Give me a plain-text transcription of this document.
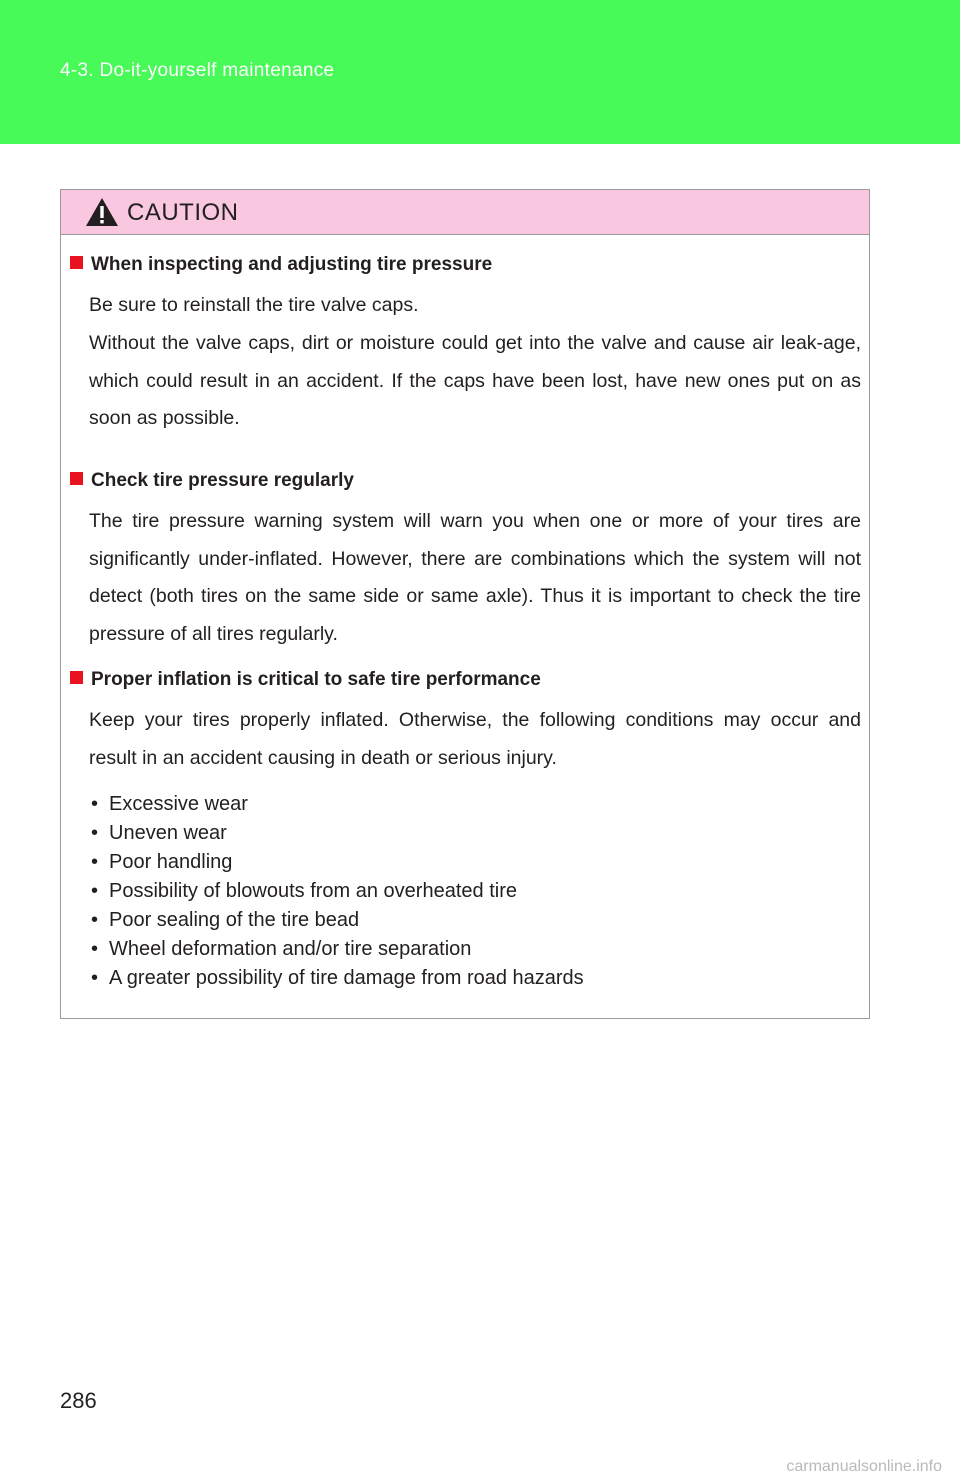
4-3. Do-it-yourself maintenance
CAUTION
When inspecting and adjusting tire pressure
Be sure to reinstall the tire valve caps.
Without the valve caps, dirt or moisture could get into the valve and cause air leak-age, which could result in an accident. If the caps have been lost, have new ones put on as soon as possible.
Check tire pressure regularly
The tire pressure warning system will warn you when one or more of your tires are significantly under-inflated. However, there are combinations which the system will not detect (both tires on the same side or same axle). Thus it is important to check the tire pressure of all tires regularly.
Proper inflation is critical to safe tire performance
Keep your tires properly inflated. Otherwise, the following conditions may occur and result in an accident causing in death or serious injury.
• Excessive wear
• Uneven wear
• Poor handling
• Possibility of blowouts from an overheated tire
• Poor sealing of the tire bead
• Wheel deformation and/or tire separation
• A greater possibility of tire damage from road hazards
286
carmanualsonline.info
